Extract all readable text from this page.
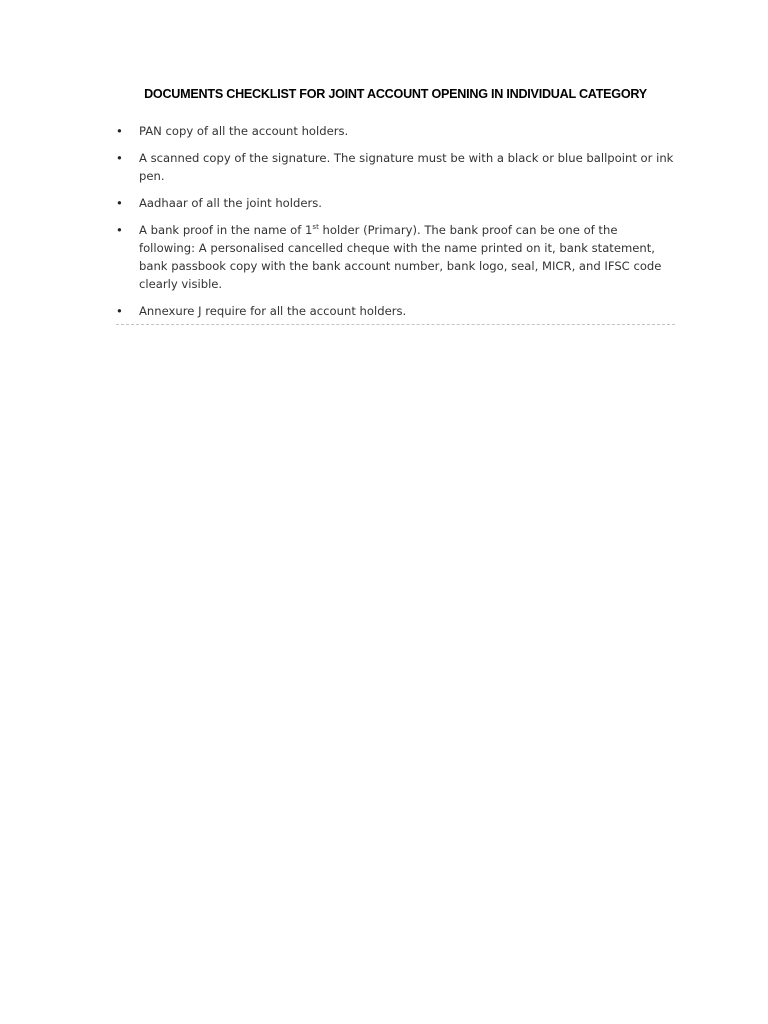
DOCUMENTS CHECKLIST FOR JOINT ACCOUNT OPENING IN INDIVIDUAL CATEGORY
• PAN copy of all the account holders.
• A scanned copy of the signature. The signature must be with a black or blue ballpoint or ink pen.
• Aadhaar of all the joint holders.
• A bank proof in the name of 1st holder (Primary). The bank proof can be one of the following: A personalised cancelled cheque with the name printed on it, bank statement, bank passbook copy with the bank account number, bank logo, seal, MICR, and IFSC code clearly visible.
• Annexure J require for all the account holders.
